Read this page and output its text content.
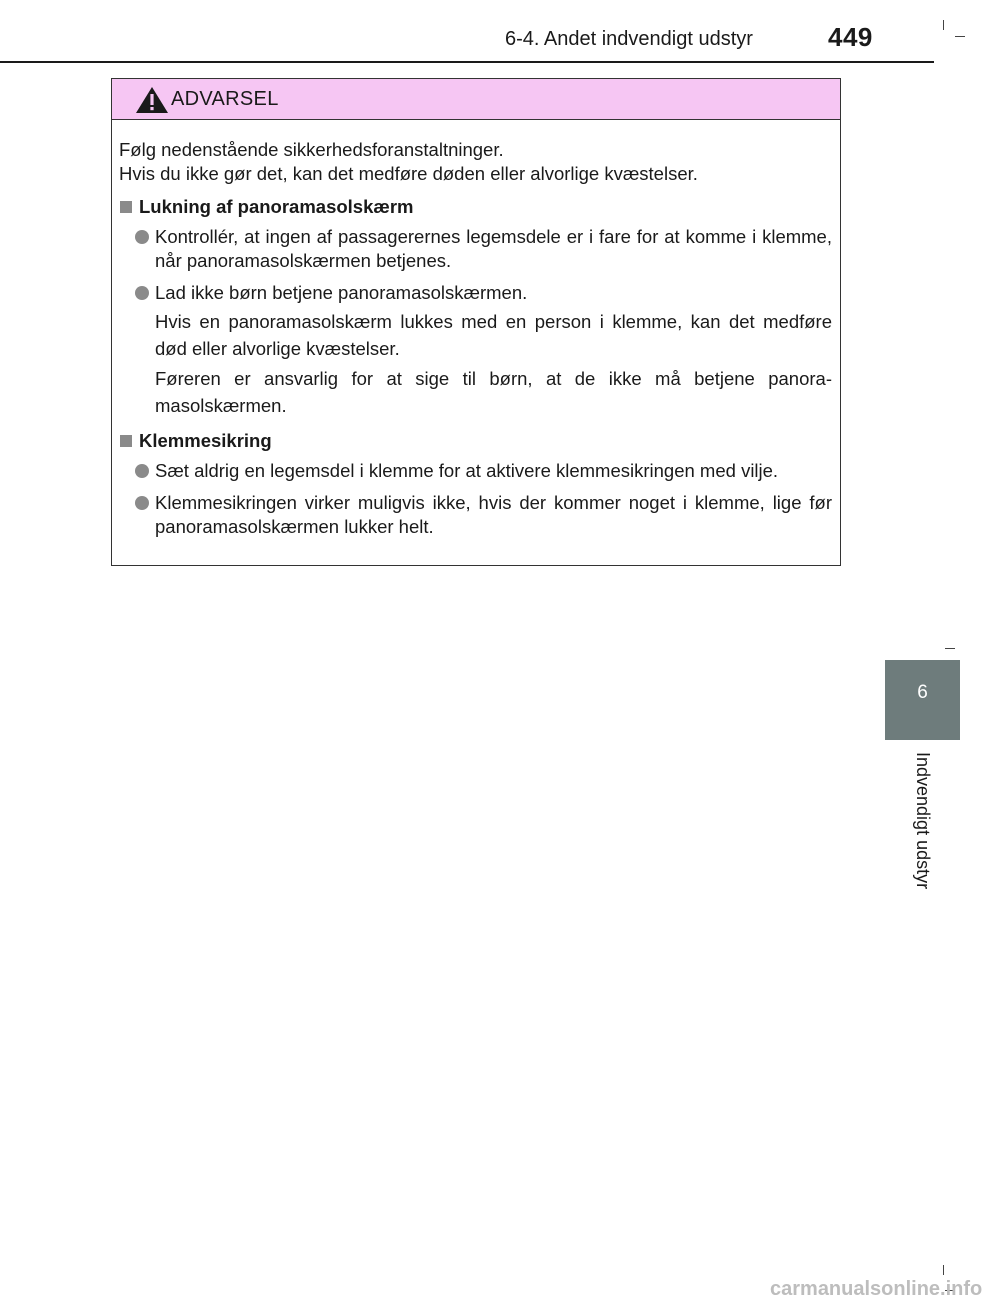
6-4. Andet indvendigt udstyr	449
ADVARSEL
Følg nedenstående sikkerhedsforanstaltninger.
Hvis du ikke gør det, kan det medføre døden eller alvorlige kvæstelser.
Lukning af panoramasolskærm

Kontrollér, at ingen af passagerernes legemsdele er i fare for at komme i klemme, når panoramasolskærmen betjenes.

Lad ikke børn betjene panoramasolskærmen.

Hvis en panoramasolskærm lukkes med en person i klemme, kan det medføre død eller alvorlige kvæstelser.

Føreren er ansvarlig for at sige til børn, at de ikke må betjene panora-masolskærmen.

Klemmesikring

Sæt aldrig en legemsdel i klemme for at aktivere klemmesikringen med vilje.

Klemmesikringen virker muligvis ikke, hvis der kommer noget i klemme, lige før panoramasolskærmen lukker helt.

6
Indvendigt udstyr
carmanualsonline.info
